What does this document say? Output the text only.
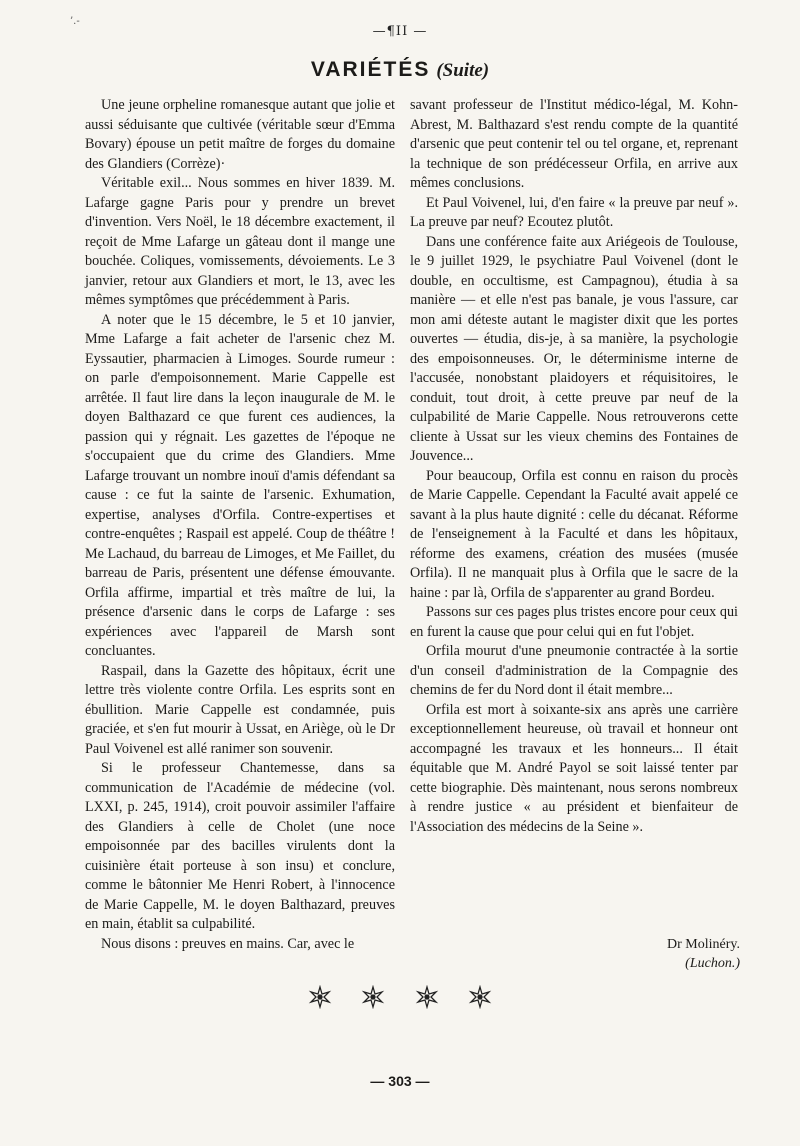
’.-
—¶II —
VARIÉTÉS (Suite)

Une jeune orpheline romanesque autant que jolie et aussi séduisante que cultivée (véritable sœur d'Emma Bovary) épouse un petit maître de forges du domaine des Glandiers (Corrèze)·

Véritable exil... Nous sommes en hiver 1839. M. Lafarge gagne Paris pour y prendre un brevet d'invention. Vers Noël, le 18 décembre exactement, il reçoit de Mme Lafarge un gâteau dont il mange une bouchée. Coliques, vomissements, dévoiements. Le 3 janvier, retour aux Glandiers et mort, le 13, avec les mêmes symptômes que précédemment à Paris.

A noter que le 15 décembre, le 5 et 10 janvier, Mme Lafarge a fait acheter de l'arsenic chez M. Eyssautier, pharmacien à Limoges. Sourde rumeur : on parle d'empoisonnement. Marie Cappelle est arrêtée. Il faut lire dans la leçon inaugurale de M. le doyen Balthazard ce que furent ces audiences, la passion qui y régnait. Les gazettes de l'époque ne s'occupaient que du crime des Glandiers. Mme Lafarge trouvant un nombre inouï d'amis défendant sa cause : ce fut la sainte de l'arsenic. Exhumation, expertise, analyses d'Orfila. Contre-expertises et contre-enquêtes ; Raspail est appelé. Coup de théâtre ! Me Lachaud, du barreau de Limoges, et Me Faillet, du barreau de Paris, présentent une défense émouvante. Orfila affirme, impartial et très maître de lui, la présence d'arsenic dans le corps de Lafarge : ses expériences avec l'appareil de Marsh sont concluantes.

Raspail, dans la Gazette des hôpitaux, écrit une lettre très violente contre Orfila. Les esprits sont en ébullition. Marie Cappelle est condamnée, puis graciée, et s'en fut mourir à Ussat, en Ariège, où le Dr Paul Voivenel est allé ranimer son souvenir.

Si le professeur Chantemesse, dans sa communication de l'Académie de médecine (vol. LXXI, p. 245, 1914), croit pouvoir assimiler l'affaire des Glandiers à celle de Cholet (une noce empoisonnée par des bacilles virulents dont la cuisinière était porteuse à son insu) et conclure, comme le bâtonnier Me Henri Robert, à l'innocence de Marie Cappelle, M. le doyen Balthazard, preuves en main, établit sa culpabilité.

Nous disons : preuves en mains. Car, avec le

savant professeur de l'Institut médico-légal, M. Kohn-Abrest, M. Balthazard s'est rendu compte de la quantité d'arsenic que peut contenir tel ou tel organe, et, reprenant la technique de son prédécesseur Orfila, en arrive aux mêmes conclusions.

Et Paul Voivenel, lui, d'en faire « la preuve par neuf ». La preuve par neuf? Ecoutez plutôt.

Dans une conférence faite aux Ariégeois de Toulouse, le 9 juillet 1929, le psychiatre Paul Voivenel (dont le double, en occultisme, est Campagnou), étudia à sa manière — et elle n'est pas banale, je vous l'assure, car mon ami déteste autant le magister dixit que les portes ouvertes — étudia, dis-je, à sa manière, la psychologie des empoisonneuses. Or, le déterminisme interne de l'accusée, nonobstant plaidoyers et réquisitoires, le conduit, tout droit, à cette preuve par neuf de la culpabilité de Marie Cappelle. Nous retrouverons cette cliente à Ussat sur les vieux chemins des Fontaines de Jouvence...

Pour beaucoup, Orfila est connu en raison du procès de Marie Cappelle. Cependant la Faculté avait appelé ce savant à la plus haute dignité : celle du décanat. Réforme de l'enseignement à la Faculté et dans les hôpitaux, réforme des examens, création des musées (musée Orfila). Il ne manquait plus à Orfila que le sacre de la haine : par là, Orfila de s'apparenter au grand Bordeu.

Passons sur ces pages plus tristes encore pour ceux qui en furent la cause que pour celui qui en fut l'objet.

Orfila mourut d'une pneumonie contractée à la sortie d'un conseil d'administration de la Compagnie des chemins de fer du Nord dont il était membre...

Orfila est mort à soixante-six ans après une carrière exceptionnellement heureuse, où travail et honneur ont accompagné les travaux et les honneurs... Il était équitable que M. André Payol se soit laissé tenter par cette biographie. Dès maintenant, nous serons nombreux à rendre justice « au président et bienfaiteur de l'Association des médecins de la Seine ».

Dr Molinéry.
(Luchon.)

— 303 —
